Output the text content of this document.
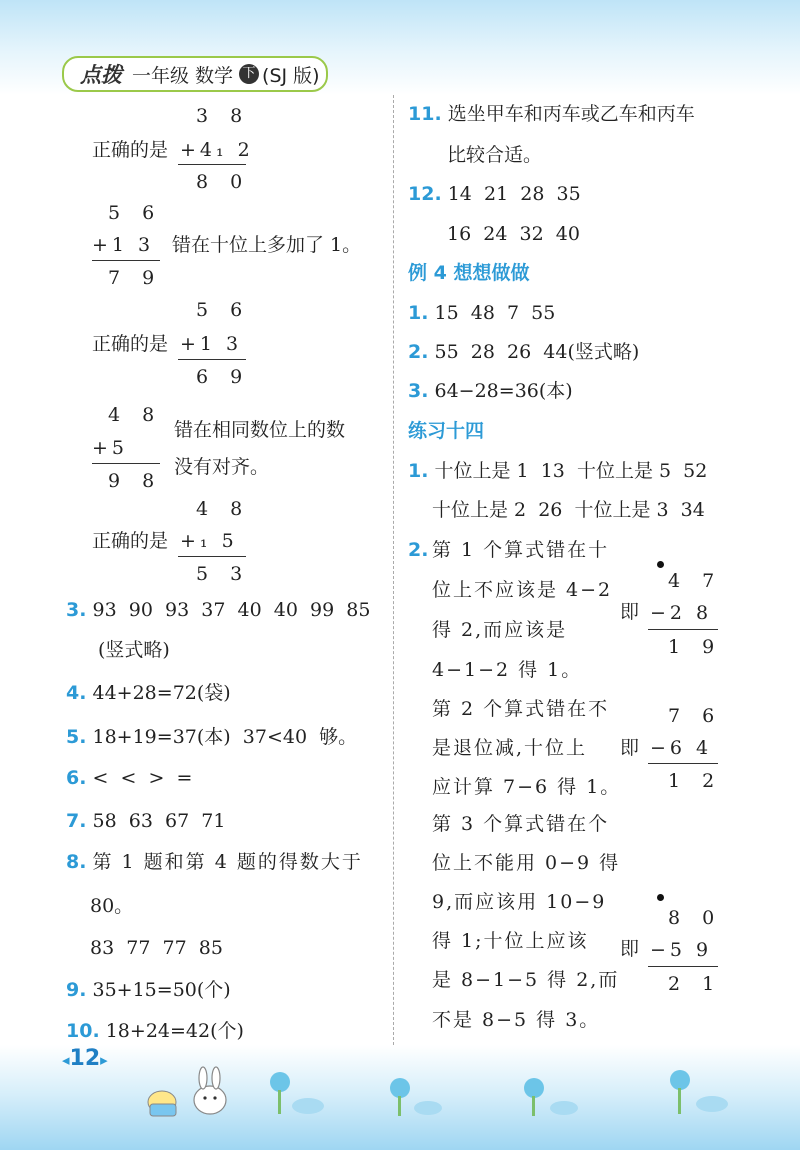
点拨 一年级 数学 下 (SJ 版)
3 8
正确的是 +4₁ 2
8 0
5 6
+1 3 错在十位上多加了 1。
7 9
5 6
正确的是 +1 3
6 9
4 8
错在相同数位上的数
+5
没有对齐。
9 8
4 8
正确的是 +₁ 5
5 3
3. 93  90  93  37  40  40  99  85
(竖式略)
4. 44+28=72(袋)
5. 18+19=37(本)  37<40  够。
6. <  <  >  =
7. 58  63  67  71
8. 第 1 题和第 4 题的得数大于
80。
83  77  77  85
9. 35+15=50(个)
10. 18+24=42(个)
11. 选坐甲车和丙车或乙车和丙车
比较合适。
12. 14  21  28  35
16  24  32  40
例 4 想想做做
1. 15  48  7  55
2. 55  28  26  44(竖式略)
3. 64−28=36(本)
练习十四
1. 十位上是 1  13  十位上是 5  52
十位上是 2  26  十位上是 3  34
2. 第 1 个算式错在十
位上不应该是 4−2
得 2,而应该是
4−1−2 得 1。
第 2 个算式错在不
是退位减,十位上
应计算 7−6 得 1。
第 3 个算式错在个
位上不能用 0−9 得
9,而应该用 10−9
得 1;十位上应该
是 8−1−5 得 2,而
不是 8−5 得 3。
4 7
即 −2 8
1 9
7 6
即 −6 4
1 2
8 0
即 −5 9
2 1
◂12▸
